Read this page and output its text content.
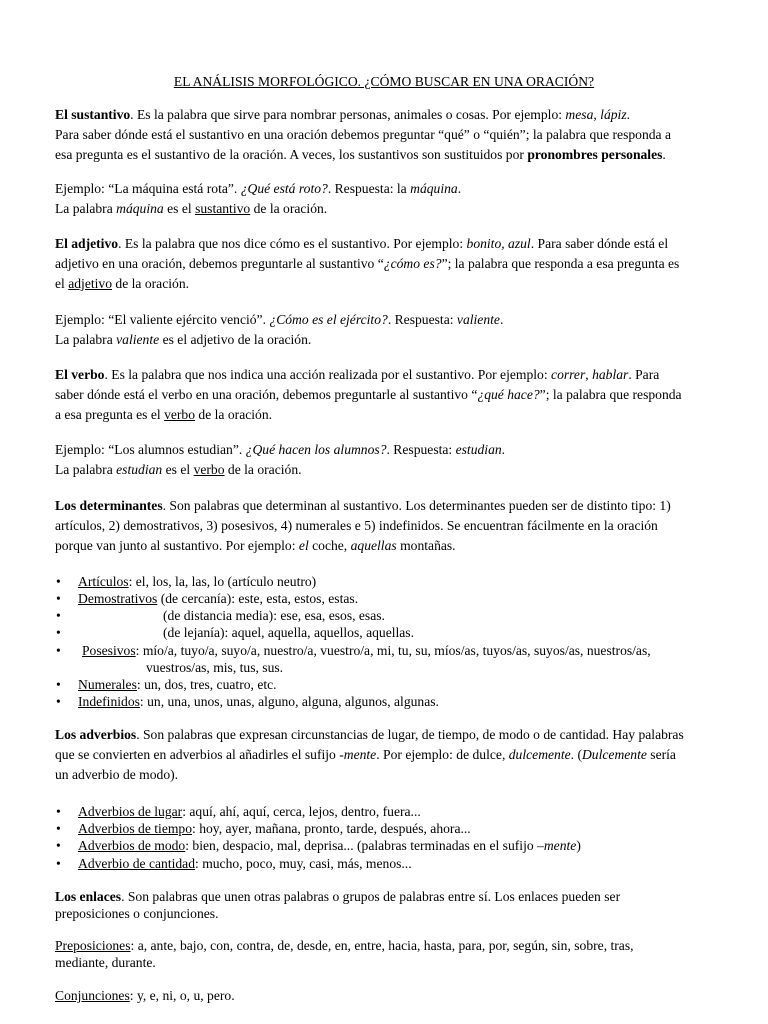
EL ANÁLISIS MORFOLÓGICO. ¿CÓMO BUSCAR EN UNA ORACIÓN?
El sustantivo. Es la palabra que sirve para nombrar personas, animales o cosas. Por ejemplo: mesa, lápiz.
Para saber dónde está el sustantivo en una oración debemos preguntar “qué” o “quién”; la palabra que responda a
esa pregunta es el sustantivo de la oración. A veces, los sustantivos son sustituidos por pronombres personales.
Ejemplo: “La máquina está rota”. ¿Qué está roto?. Respuesta: la máquina.
La palabra máquina es el sustantivo de la oración.
El adjetivo. Es la palabra que nos dice cómo es el sustantivo. Por ejemplo: bonito, azul. Para saber dónde está el
adjetivo en una oración, debemos preguntarle al sustantivo “¿cómo es?”; la palabra que responda a esa pregunta es
el adjetivo de la oración.
Ejemplo: “El valiente ejército venció”. ¿Cómo es el ejército?. Respuesta: valiente.
La palabra valiente es el adjetivo de la oración.
El verbo. Es la palabra que nos indica una acción realizada por el sustantivo. Por ejemplo: correr, hablar. Para
saber dónde está el verbo en una oración, debemos preguntarle al sustantivo “¿qué hace?”; la palabra que responda
a esa pregunta es el verbo de la oración.
Ejemplo: “Los alumnos estudian”. ¿Qué hacen los alumnos?. Respuesta: estudian.
La palabra estudian es el verbo de la oración.
Los determinantes. Son palabras que determinan al sustantivo. Los determinantes pueden ser de distinto tipo: 1)
artículos, 2) demostrativos, 3) posesivos, 4) numerales e 5) indefinidos. Se encuentran fácilmente en la oración
porque van junto al sustantivo. Por ejemplo: el coche, aquellas montañas.
• Artículos: el, los, la, las, lo (artículo neutro)
• Demostrativos (de cercanía): este, esta, estos, estas.
•	(de distancia media): ese, esa, esos, esas.
•	(de lejanía): aquel, aquella, aquellos, aquellas.
• Posesivos: mío/a, tuyo/a, suyo/a, nuestro/a, vuestro/a, mi, tu, su, míos/as, tuyos/as, suyos/as, nuestros/as,
vuestros/as, mis, tus, sus.
• Numerales: un, dos, tres, cuatro, etc.
• Indefinidos: un, una, unos, unas, alguno, alguna, algunos, algunas.
Los adverbios. Son palabras que expresan circunstancias de lugar, de tiempo, de modo o de cantidad. Hay palabras
que se convierten en adverbios al añadirles el sufijo -mente. Por ejemplo: de dulce, dulcemente. (Dulcemente sería
un adverbio de modo).
• Adverbios de lugar: aquí, ahí, aquí, cerca, lejos, dentro, fuera...
• Adverbios de tiempo: hoy, ayer, mañana, pronto, tarde, después, ahora...
• Adverbios de modo: bien, despacio, mal, deprisa... (palabras terminadas en el sufijo –mente)
• Adverbio de cantidad: mucho, poco, muy, casi, más, menos...
Los enlaces. Son palabras que unen otras palabras o grupos de palabras entre sí. Los enlaces pueden ser
preposiciones o conjunciones.
Preposiciones: a, ante, bajo, con, contra, de, desde, en, entre, hacia, hasta, para, por, según, sin, sobre, tras,
mediante, durante.
Conjunciones: y, e, ni, o, u, pero.
